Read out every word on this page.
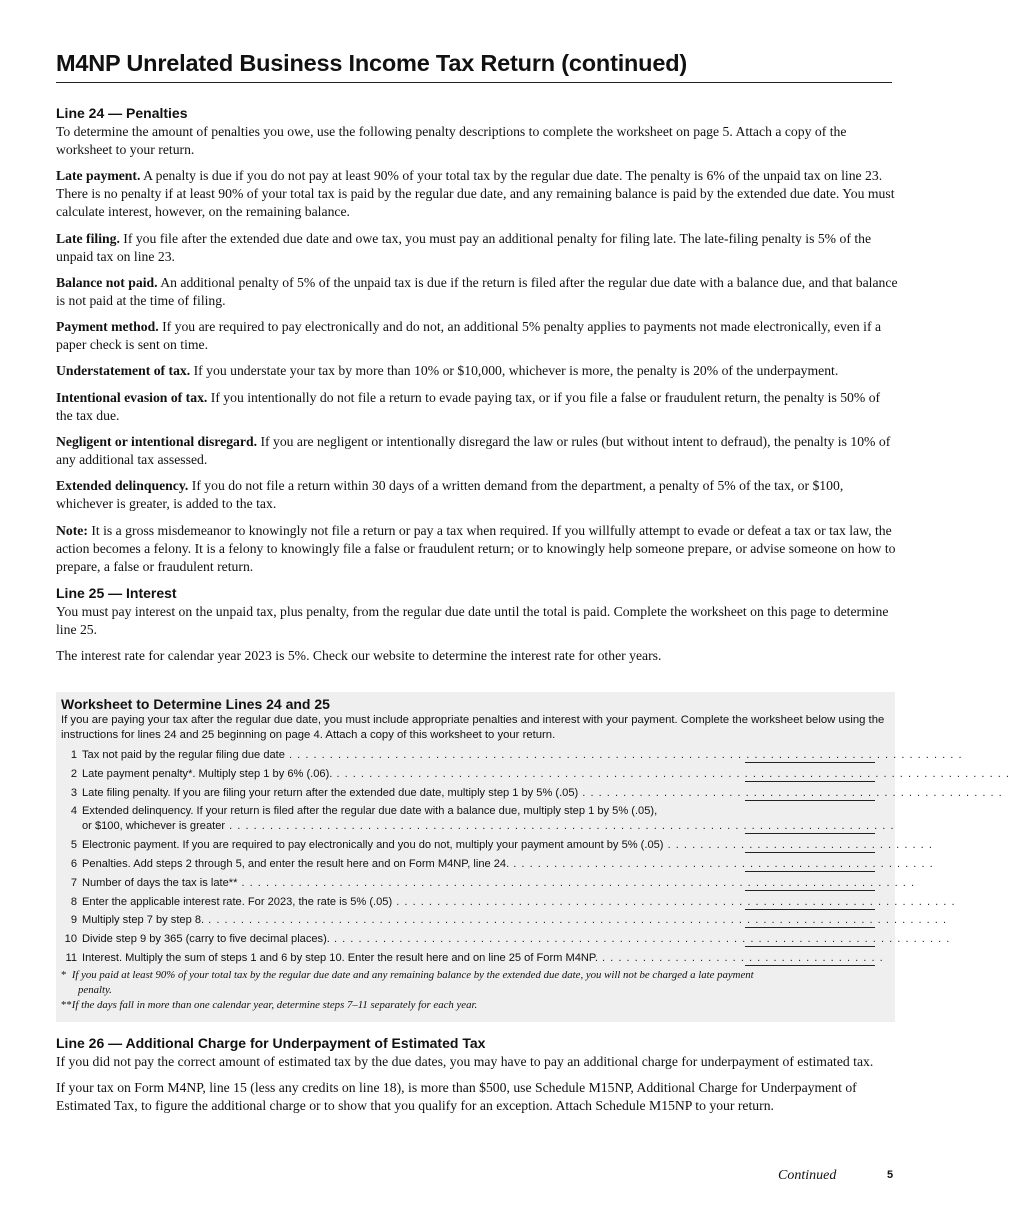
M4NP Unrelated Business Income Tax Return (continued)
Line 24 — Penalties

To determine the amount of penalties you owe, use the following penalty descriptions to complete the worksheet on page 5. Attach a copy of the worksheet to your return.

Late payment. A penalty is due if you do not pay at least 90% of your total tax by the regular due date. The penalty is 6% of the unpaid tax on line 23. There is no penalty if at least 90% of your total tax is paid by the regular due date, and any remaining balance is paid by the extended due date. You must calculate interest, however, on the remaining balance.

Late filing. If you file after the extended due date and owe tax, you must pay an additional penalty for filing late. The late-filing penalty is 5% of the unpaid tax on line 23.

Balance not paid. An additional penalty of 5% of the unpaid tax is due if the return is filed after the regular due date with a balance due, and that balance is not paid at the time of filing.

Payment method. If you are required to pay electronically and do not, an additional 5% penalty applies to payments not made electronically, even if a paper check is sent on time.

Understatement of tax. If you understate your tax by more than 10% or $10,000, whichever is more, the penalty is 20% of the underpayment.

Intentional evasion of tax. If you intentionally do not file a return to evade paying tax, or if you file a false or fraudulent return, the penalty is 50% of the tax due.

Negligent or intentional disregard. If you are negligent or intentionally disregard the law or rules (but without intent to defraud), the penalty is 10% of any additional tax assessed.

Extended delinquency. If you do not file a return within 30 days of a written demand from the department, a penalty of 5% of the tax, or $100, whichever is greater, is added to the tax.

Note: It is a gross misdemeanor to knowingly not file a return or pay a tax when required. If you willfully attempt to evade or defeat a tax or tax law, the action becomes a felony. It is a felony to knowingly file a false or fraudulent return; or to knowingly help someone prepare, or advise someone on how to prepare, a false or fraudulent return.

Line 25 — Interest

You must pay interest on the unpaid tax, plus penalty, from the regular due date until the total is paid. Complete the worksheet on this page to determine line 25.

The interest rate for calendar year 2023 is 5%. Check our website to determine the interest rate for other years.

Worksheet to Determine Lines 24 and 25
If you are paying your tax after the regular due date, you must include appropriate penalties and interest with your payment. Complete the worksheet below using the instructions for lines 24 and 25 beginning on page 4. Attach a copy of this worksheet to your return.
1 Tax not paid by the regular filing due date . . . . . . . . . . . . . . . . . . . . . . . . . . . . . . . . . . . . . . . . . . . . . . . . . . . . . . . . . . . . . . . . . . . . . . . . . . . . . . . . . . .
2 Late payment penalty*. Multiply step 1 by 6% (.06). . . . . . . . . . . . . . . . . . . . . . . . . . . . . . . . . . . . . . . . . . . . . . . . . . . . . . . . . . . . . . . . . . . . . . . . . . . . . . . . . . . .
3 Late filing penalty. If you are filing your return after the extended due date, multiply step 1 by 5% (.05) . . . . . . . . . . . . . . . . . . . . . . . . . . . . . . . . . . . . . . . . . . . . . . . . . . . .
4 Extended delinquency. If your return is filed after the regular due date with a balance due, multiply step 1 by 5% (.05),
or $100, whichever is greater . . . . . . . . . . . . . . . . . . . . . . . . . . . . . . . . . . . . . . . . . . . . . . . . . . . . . . . . . . . . . . . . . . . . . . . . . . . . . . . . . .
5 Electronic payment. If you are required to pay electronically and you do not, multiply your payment amount by 5% (.05) . . . . . . . . . . . . . . . . . . . . . . . . . . . . . . . . .
6 Penalties. Add steps 2 through 5, and enter the result here and on Form M4NP, line 24. . . . . . . . . . . . . . . . . . . . . . . . . . . . . . . . . . . . . . . . . . . . . . . . . . . . .
7 Number of days the tax is late** . . . . . . . . . . . . . . . . . . . . . . . . . . . . . . . . . . . . . . . . . . . . . . . . . . . . . . . . . . . . . . . . . . . . . . . . . . . . . . . . . . .
8 Enter the applicable interest rate. For 2023, the rate is 5% (.05) . . . . . . . . . . . . . . . . . . . . . . . . . . . . . . . . . . . . . . . . . . . . . . . . . . . . . . . . . . . . . . . . . . . . .
9 Multiply step 7 by step 8. . . . . . . . . . . . . . . . . . . . . . . . . . . . . . . . . . . . . . . . . . . . . . . . . . . . . . . . . . . . . . . . . . . . . . . . . . . . . . . . . . . . . . . . . . . .
10 Divide step 9 by 365 (carry to five decimal places). . . . . . . . . . . . . . . . . . . . . . . . . . . . . . . . . . . . . . . . . . . . . . . . . . . . . . . . . . . . . . . . . . . . . . . . . . . . .
11 Interest. Multiply the sum of steps 1 and 6 by step 10. Enter the result here and on line 25 of Form M4NP. . . . . . . . . . . . . . . . . . . . . . . . . . . . . . . . . . . .
* If you paid at least 90% of your total tax by the regular due date and any remaining balance by the extended due date, you will not be charged a late payment
penalty.
**If the days fall in more than one calendar year, determine steps 7–11 separately for each year.
Line 26 — Additional Charge for Underpayment of Estimated Tax

If you did not pay the correct amount of estimated tax by the due dates, you may have to pay an additional charge for underpayment of estimated tax.

If your tax on Form M4NP, line 15 (less any credits on line 18), is more than $500, use Schedule M15NP, Additional Charge for Underpayment of Estimated Tax, to figure the additional charge or to show that you qualify for an exception. Attach Schedule M15NP to your return.

Continued	5
